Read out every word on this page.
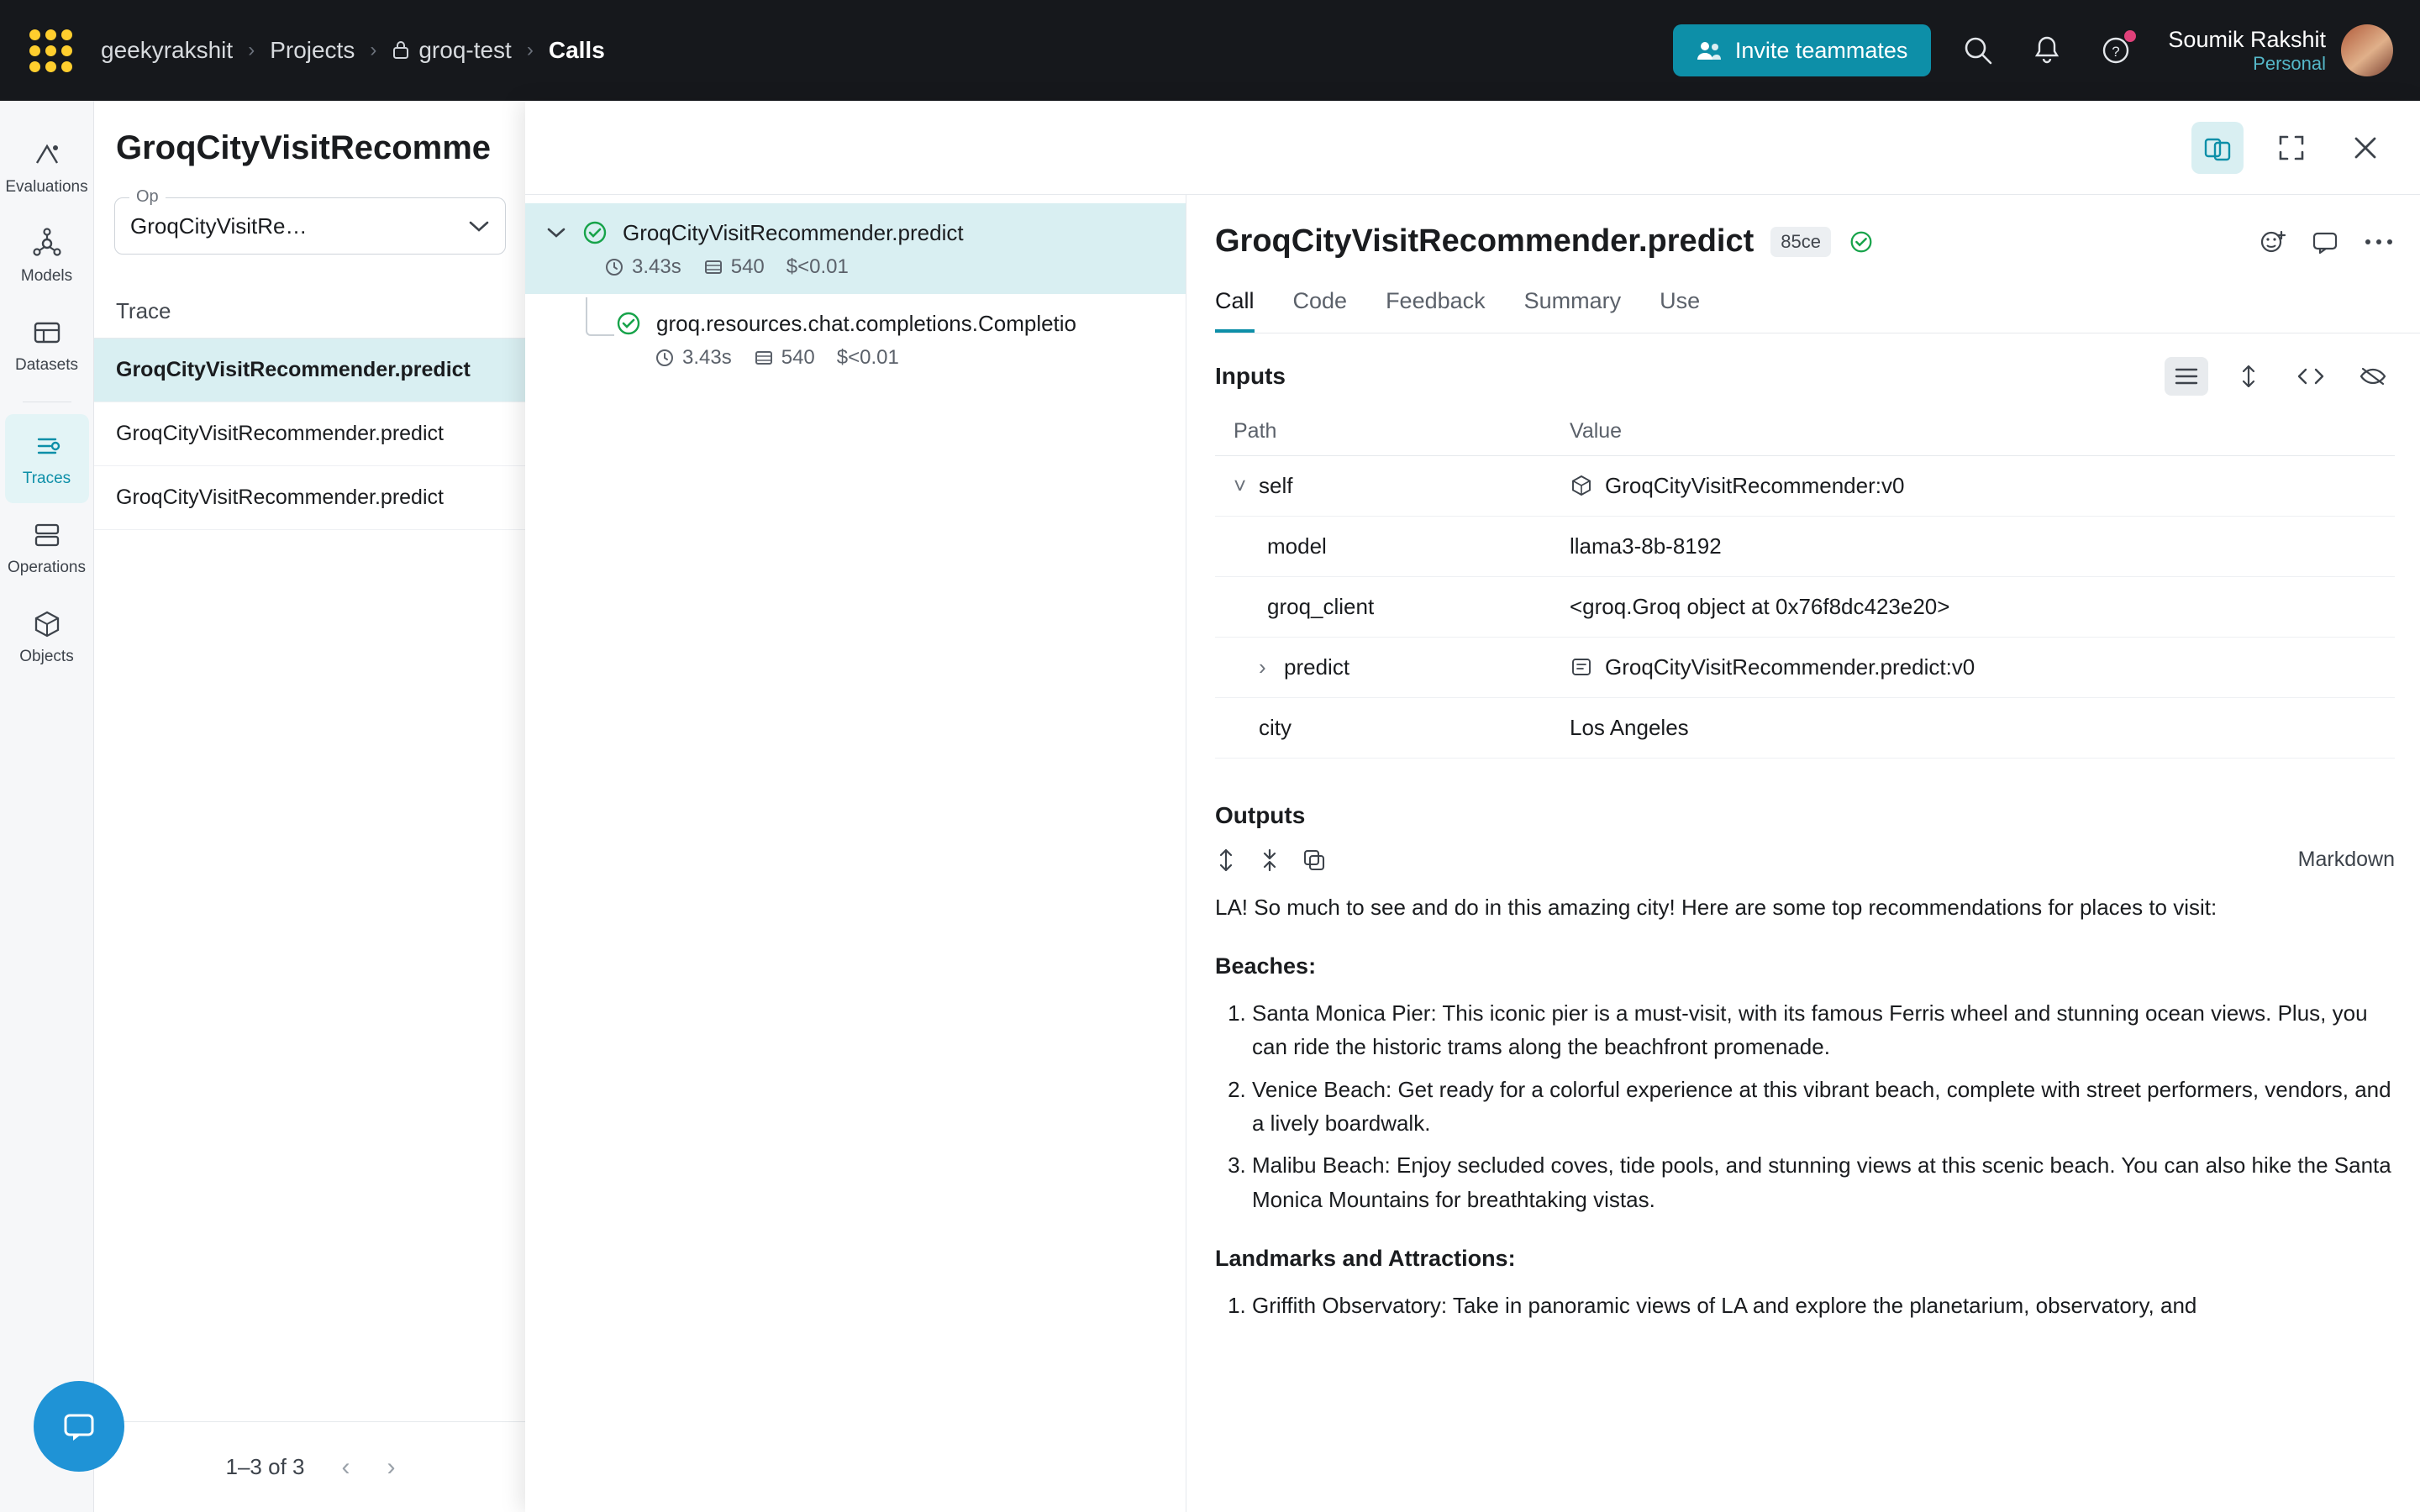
geekyrakshit › Projects ›	groq-test › Calls	Invite teammates	? Soumik Rakshit
Personal
Evaluations
Models
Datasets
Traces
Operations
Objects
GroqCityVisitRecomme
Op
GroqCityVisitRe…
Trace
GroqCityVisitRecommender.predict
GroqCityVisitRecommender.predict
GroqCityVisitRecommender.predict
1–3 of 3 ‹ ›
GroqCityVisitRecommender.predict
3.43s 540 $<0.01
groq.resources.chat.completions.Completio
3.43s 540 $<0.01
GroqCityVisitRecommender.predict	85ce
Call Code Feedback Summary Use
Inputs
Path	Value
˅ self	GroqCityVisitRecommender:v0
model	llama3-8b-8192
groq_client	<groq.Groq object at 0x76f8dc423e20>
› predict	GroqCityVisitRecommender.predict:v0
city	Los Angeles
Outputs
Markdown

LA! So much to see and do in this amazing city! Here are some top recommendations for places to visit:

Beaches:
1. Santa Monica Pier: This iconic pier is a must-visit, with its famous Ferris wheel and stunning ocean views. Plus, you can ride the historic trams along the beachfront promenade.
2. Venice Beach: Get ready for a colorful experience at this vibrant beach, complete with street performers, vendors, and a lively boardwalk.
3. Malibu Beach: Enjoy secluded coves, tide pools, and stunning views at this scenic beach. You can also hike the Santa Monica Mountains for breathtaking vistas.
Landmarks and Attractions:
1. Griffith Observatory: Take in panoramic views of LA and explore the planetarium, observatory, and
